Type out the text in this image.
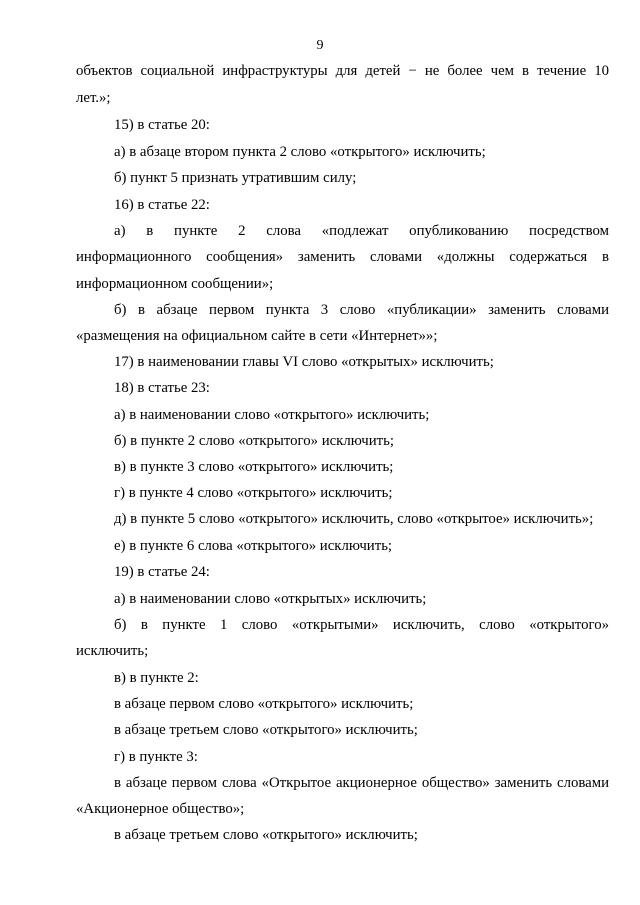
9
объектов социальной инфраструктуры для детей − не более чем в течение 10
лет.»;
15) в статье 20:
а) в абзаце втором пункта 2 слово «открытого» исключить;
б) пункт 5 признать утратившим силу;
16) в статье 22:
а) в пункте 2 слова «подлежат опубликованию посредством
информационного сообщения» заменить словами «должны содержаться в
информационном сообщении»;
б) в абзаце первом пункта 3 слово «публикации» заменить словами
«размещения на официальном сайте в сети «Интернет»»;
17) в наименовании главы VI слово «открытых» исключить;
18) в статье 23:
а) в наименовании слово «открытого» исключить;
б) в пункте 2 слово «открытого» исключить;
в) в пункте 3 слово «открытого» исключить;
г) в пункте 4 слово «открытого» исключить;
д) в пункте 5 слово «открытого» исключить, слово «открытое» исключить»;
е) в пункте 6 слова «открытого» исключить;
19) в статье 24:
а) в наименовании слово «открытых» исключить;
б) в пункте 1 слово «открытыми» исключить, слово «открытого»
исключить;
в) в пункте 2:
в абзаце первом слово «открытого» исключить;
в абзаце третьем слово «открытого» исключить;
г) в пункте 3:
в абзаце первом слова «Открытое акционерное общество» заменить словами
«Акционерное общество»;
в абзаце третьем слово «открытого» исключить;
